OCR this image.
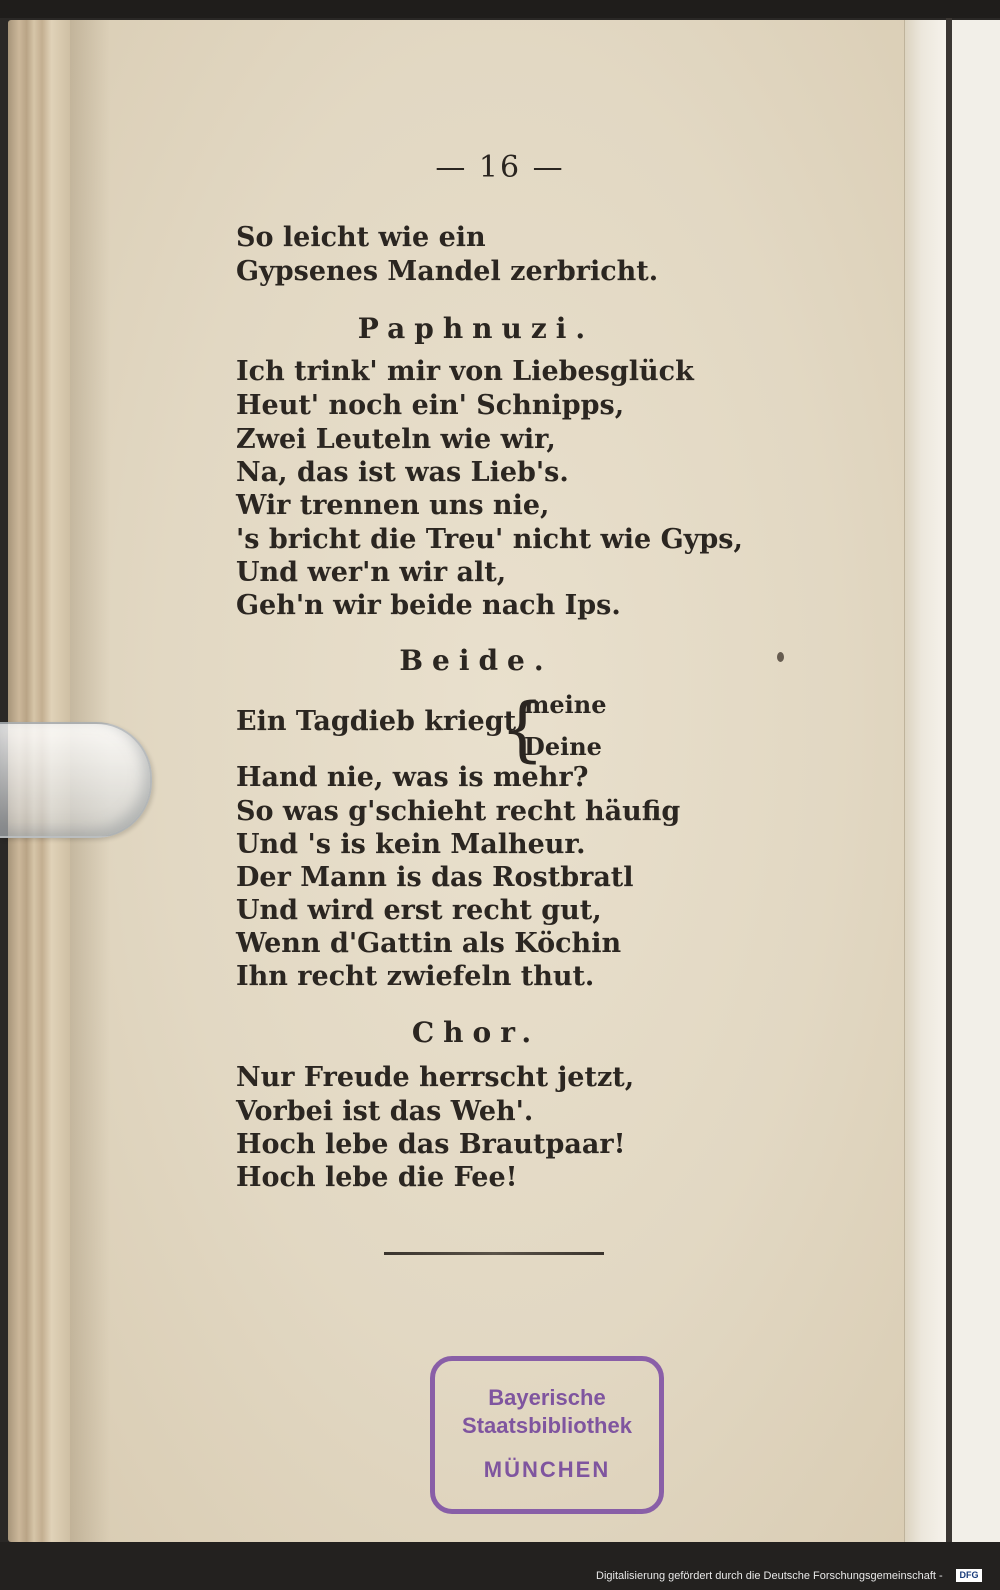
— 16 —
So leicht wie ein
Gypsenes Mandel zerbricht.
Paphnuzi.
Ich trink' mir von Liebesglück
Heut' noch ein' Schnipps,
Zwei Leuteln wie wir,
Na, das ist was Lieb's.
Wir trennen uns nie,
's bricht die Treu' nicht wie Gyps,
Und wer'n wir alt,
Geh'n wir beide nach Ips.
Beide.
Ein Tagdieb kriegt
{
meine
Deine
Hand nie, was is mehr?
So was g'schieht recht häufig
Und 's is kein Malheur.
Der Mann is das Rostbratl
Und wird erst recht gut,
Wenn d'Gattin als Köchin
Ihn recht zwiefeln thut.
Chor.
Nur Freude herrscht jetzt,
Vorbei ist das Weh'.
Hoch lebe das Brautpaar!
Hoch lebe die Fee!
Bayerische
Staatsbibliothek
MÜNCHEN
Digitalisierung gefördert durch die Deutsche Forschungsgemeinschaft -	DFG
